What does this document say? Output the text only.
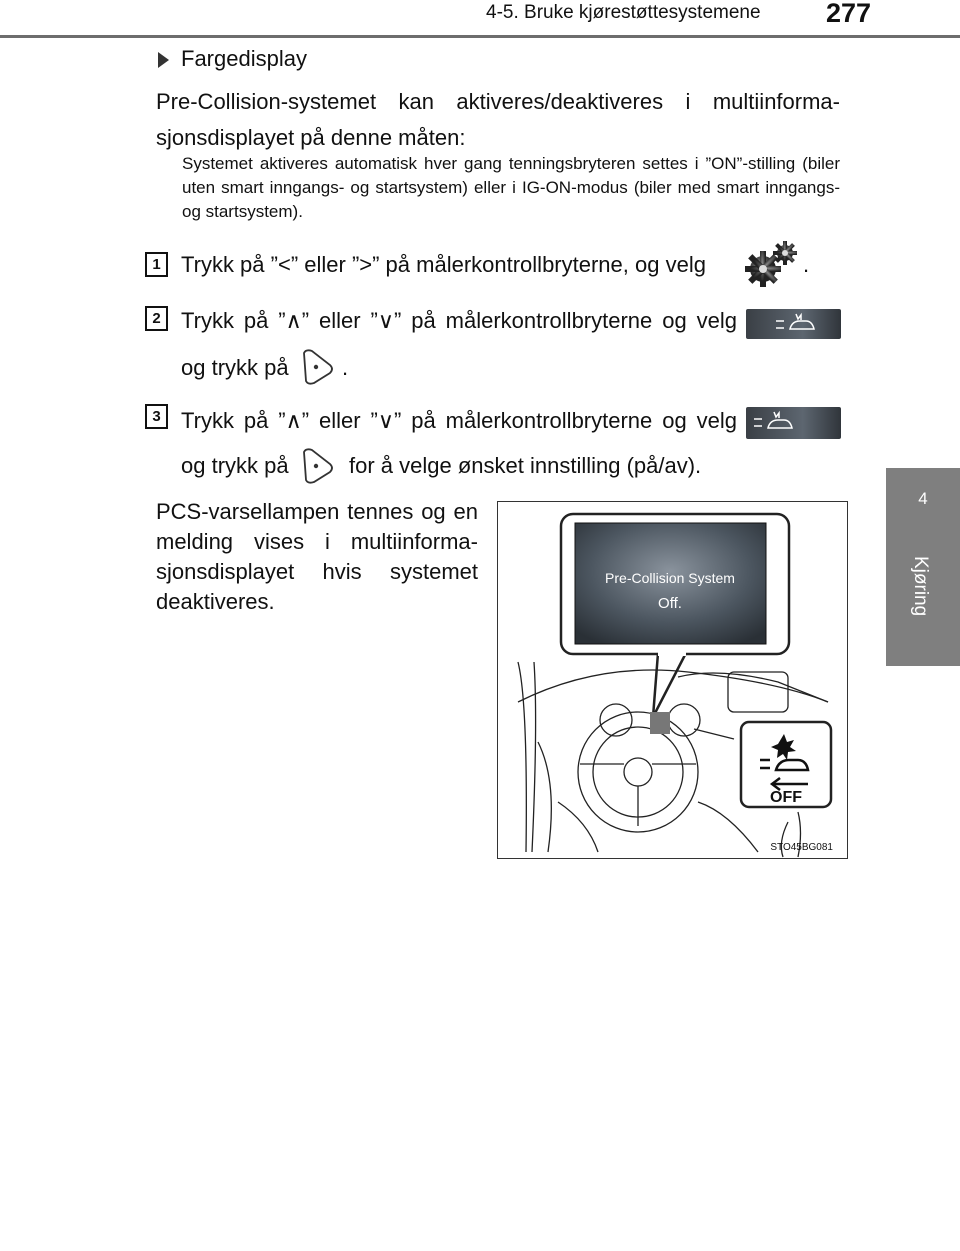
4-5. Bruke kjørestøttesystemene 277
4
Kjøring
Fargedisplay
Pre-Collision-systemet kan aktiveres/deaktiveres i multiinforma-sjonsdisplayet på denne måten:
Systemet aktiveres automatisk hver gang tenningsbryteren settes i ”ON”-stilling (biler uten smart inngangs- og startsystem) eller i IG-ON-modus (biler med smart inngangs- og startsystem).
1 Trykk på ”<” eller ”>” på målerkontrollbryterne, og velg	.
2 Trykk på ”∧” eller ”∨” på målerkontrollbryterne og velg
og trykk på .
3 Trykk på ”∧” eller ”∨” på målerkontrollbryterne og velg
og trykk på	for å velge ønsket innstilling (på/av).
PCS-varsellampen tennes og en melding vises i multiinforma-sjonsdisplayet hvis systemet deaktiveres.
Pre-Collision System
Off.
OFF
STO45BG081
